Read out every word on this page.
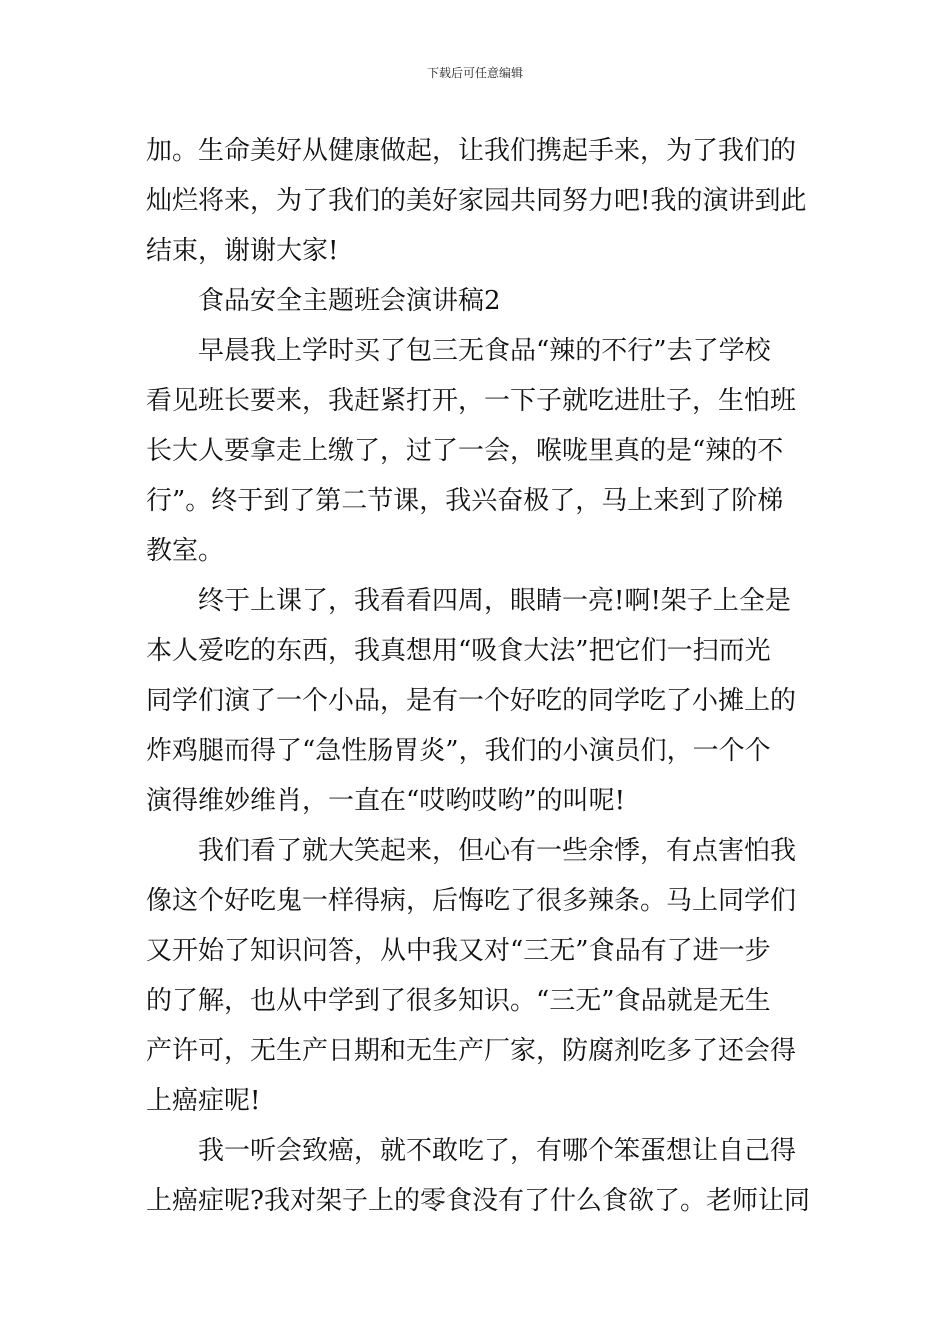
下载后可任意编辑
加。生命美好从健康做起，让我们携起手来，为了我们的
灿烂将来，为了我们的美好家园共同努力吧!我的演讲到此
结束，谢谢大家!
食品安全主题班会演讲稿2
早晨我上学时买了包三无食品“辣的不行”去了学校
看见班长要来，我赶紧打开，一下子就吃进肚子，生怕班
长大人要拿走上缴了，过了一会，喉咙里真的是“辣的不
行”。终于到了第二节课，我兴奋极了，马上来到了阶梯
教室。
终于上课了，我看看四周，眼睛一亮!啊!架子上全是
本人爱吃的东西，我真想用“吸食大法”把它们一扫而光
同学们演了一个小品，是有一个好吃的同学吃了小摊上的
炸鸡腿而得了“急性肠胃炎”，我们的小演员们，一个个
演得维妙维肖，一直在“哎哟哎哟”的叫呢!
我们看了就大笑起来，但心有一些余悸，有点害怕我
像这个好吃鬼一样得病，后悔吃了很多辣条。马上同学们
又开始了知识问答，从中我又对“三无”食品有了进一步
的了解，也从中学到了很多知识。“三无”食品就是无生
产许可，无生产日期和无生产厂家，防腐剂吃多了还会得
上癌症呢!
我一听会致癌，就不敢吃了，有哪个笨蛋想让自己得
上癌症呢?我对架子上的零食没有了什么食欲了。老师让同
